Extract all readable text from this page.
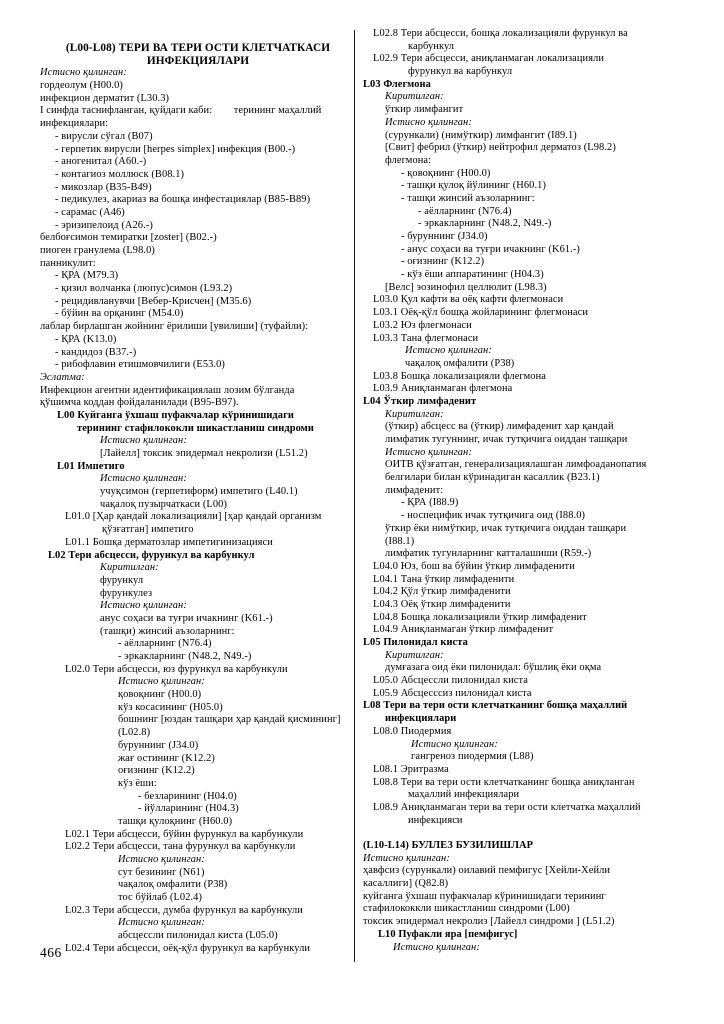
(L00-L08) ТЕРИ ВА ТЕРИ ОСТИ КЛЕТЧАТКАСИ
ИНФЕКЦИЯЛАРИ
Истисно қилинган:
гордеолум (H00.0)
инфекцион дерматит (L30.3)
I синфда таснифланган, қуйдаги каби:        терининг маҳаллий
инфекциялари:
- вирусли сўгал (B07)
- герпетик вирусли [herpes simplex] инфекция (B00.-)
- аногенитал (A60.-)
- контагиоз моллюск (B08.1)
- микозлар (B35-B49)
- педикулез, акариаз ва бошқа инфестациялар (B85-B89)
- сарамас (A46)
- эризипелоид (A26.-)
белбоғсимон темиратки [zoster] (B02.-)
пиоген гранулема (L98.0)
панникулит:
- ҚРА (M79.3)
- қизил волчанка (люпус)симон (L93.2)
- рецидивланувчи [Вебер-Крисчен] (M35.6)
- бўйин ва орқанинг (M54.0)
лаблар бирлашган жойнинг ёрилиши [увилиши] (туфайли):
- ҚРА (K13.0)
- кандидоз (B37.-)
- рибофлавин етишмовчилиги (E53.0)
Эслатма:
Инфекцион агентни идентификациялаш лозим бўлганда
қўшимча коддан фойдаланилади (B95-B97).
L00 Куйганга ўхшаш пуфакчалар кўринишидаги
терининг стафилококли шикастланиш синдроми
Истисно қилинган:
[Лайелл] токсик эпидермал некролизи (L51.2)
L01 Импетиго
Истисно қилинган:
учуқсимон (герпетиформ) импетиго (L40.1)
чақалоқ пузырчаткаси (L00)
L01.0 [Ҳар қандай локализацияли] [ҳар қандай организм
қўзғатган] импетиго
L01.1 Бошқа дерматозлар импетигинизацияси
L02 Тери абсцесси, фурункул ва карбункул
Киритилган:
фурункул
фурункулез
Истисно қилинган:
анус соҳаси ва туғри ичакнинг (K61.-)
(ташқи) жинсий аъзоларнинг:
- аёлларнинг (N76.4)
- эркакларнинг (N48.2, N49.-)
L02.0 Тери абсцесси, юз фурункул ва карбункули
Истисно қилинган:
қовоқнинг (H00.0)
кўз косасининг (H05.0)
бошнинг [юздан ташқари ҳар қандай қисмининг]
(L02.8)
буруннинг (J34.0)
жағ остининг (K12.2)
оғизнинг (K12.2)
кўз ёши:
- безларининг (H04.0)
- йўлларининг (H04.3)
ташқи қулоқнинг (H60.0)
L02.1 Тери абсцесси, бўйин фурункул ва карбункули
L02.2 Тери абсцесси, тана фурункул ва карбункули
Истисно қилинган:
сут безининг (N61)
чақалоқ омфалити (P38)
тос бўйлаб (L02.4)
L02.3 Тери абсцесси, думба фурункул ва карбункули
Истисно қилинган:
абсцессли пилонидал киста (L05.0)
L02.4 Тери абсцесси, оёқ-қўл фурункул ва карбункули
L02.8 Тери абсцесси, бошқа локализацияли фурункул ва
карбункул
L02.9 Тери абсцесси, аниқланмаган локализацияли
фурункул ва карбункул
L03 Флегмона
Киритилган:
ўткир лимфангит
Истисно қилинган:
(сурункали) (нимўткир) лимфангит (I89.1)
[Свит] фебрил (ўткир) нейтрофил дерматоз (L98.2)
флегмона:
- қовоқнинг (H00.0)
- ташқи қулоқ йўлининг (H60.1)
- ташқи жинсий аъзоларнинг:
- аёлларнинг (N76.4)
- эркакларнинг (N48.2, N49.-)
- буруннинг (J34.0)
- анус соҳаси ва туғри ичакнинг (K61.-)
- оғизнинг (K12.2)
- кўз ёши аппаратининг (H04.3)
[Велс] эозинофил целлюлит (L98.3)
L03.0 Қул кафти ва оёқ кафти флегмонаси
L03.1 Оёқ-қўл бошқа жойларининг флегмонаси
L03.2 Юз флегмонаси
L03.3 Тана флегмонаси
Истисно қилинган:
чақалоқ омфалити (P38)
L03.8 Бошқа локализацияли флегмона
L03.9 Аниқланмаган флегмона
L04 Ўткир лимфаденит
Киритилган:
(ўткир) абсцесс ва (ўткир) лимфаденит хар қандай
лимфатик тугуннинг, ичак тутқичига оиддан ташқари
Истисно қилинган:
ОИТВ қўзғатган, генерализациялашган лимфоаданопатия
белгилари билан кўринадиган касаллик (B23.1)
лимфаденит:
- ҚРА (I88.9)
- носпецифик ичак тутқичига оид (I88.0)
ўткир ёки нимўткир, ичак тутқичига оиддан ташқари
(I88.1)
лимфатик тугунларнинг катталашиши (R59.-)
L04.0 Юз, бош ва бўйин ўткир лимфаденити
L04.1 Тана ўткир лимфаденити
L04.2 Қўл ўткир лимфаденити
L04.3 Оёқ ўткир лимфаденити
L04.8 Бошқа локализацияли ўткир лимфаденит
L04.9 Аниқланмаган ўткир лимфаденит
L05 Пилонидал киста
Киритилган:
думғазага оид ёки пилонидал: бўшлиқ ёки оқма
L05.0 Абсцессли пилонидал киста
L05.9 Абсцесссиз пилонидал киста
L08 Тери ва тери ости клетчатканинг бошқа маҳаллий
инфекциялари
L08.0 Пиодермия
Истисно қилинган:
гангреноз пиодермия (L88)
L08.1 Эритразма
L08.8 Тери ва тери ости клетчатканинг бошқа аниқланган
маҳаллий инфекциялари
L08.9 Аниқланмаган тери ва тери ости клетчатка маҳаллий
инфекцияси
(L10-L14) БУЛЛЕЗ БУЗИЛИШЛАР
Истисно қилинган:
ҳавфсиз (сурункали) оилавий пемфигус [Хейли-Хейли
касаллиги] (Q82.8)
куйганга ўхшаш пуфакчалар кўринишидаги терининг
стафилококкли шикастланиш синдроми (L00)
токсик эпидермал некролиз [Лайелл синдроми ] (L51.2)
L10 Пуфакли яра [пемфигус]
Истисно қилинган:
466
